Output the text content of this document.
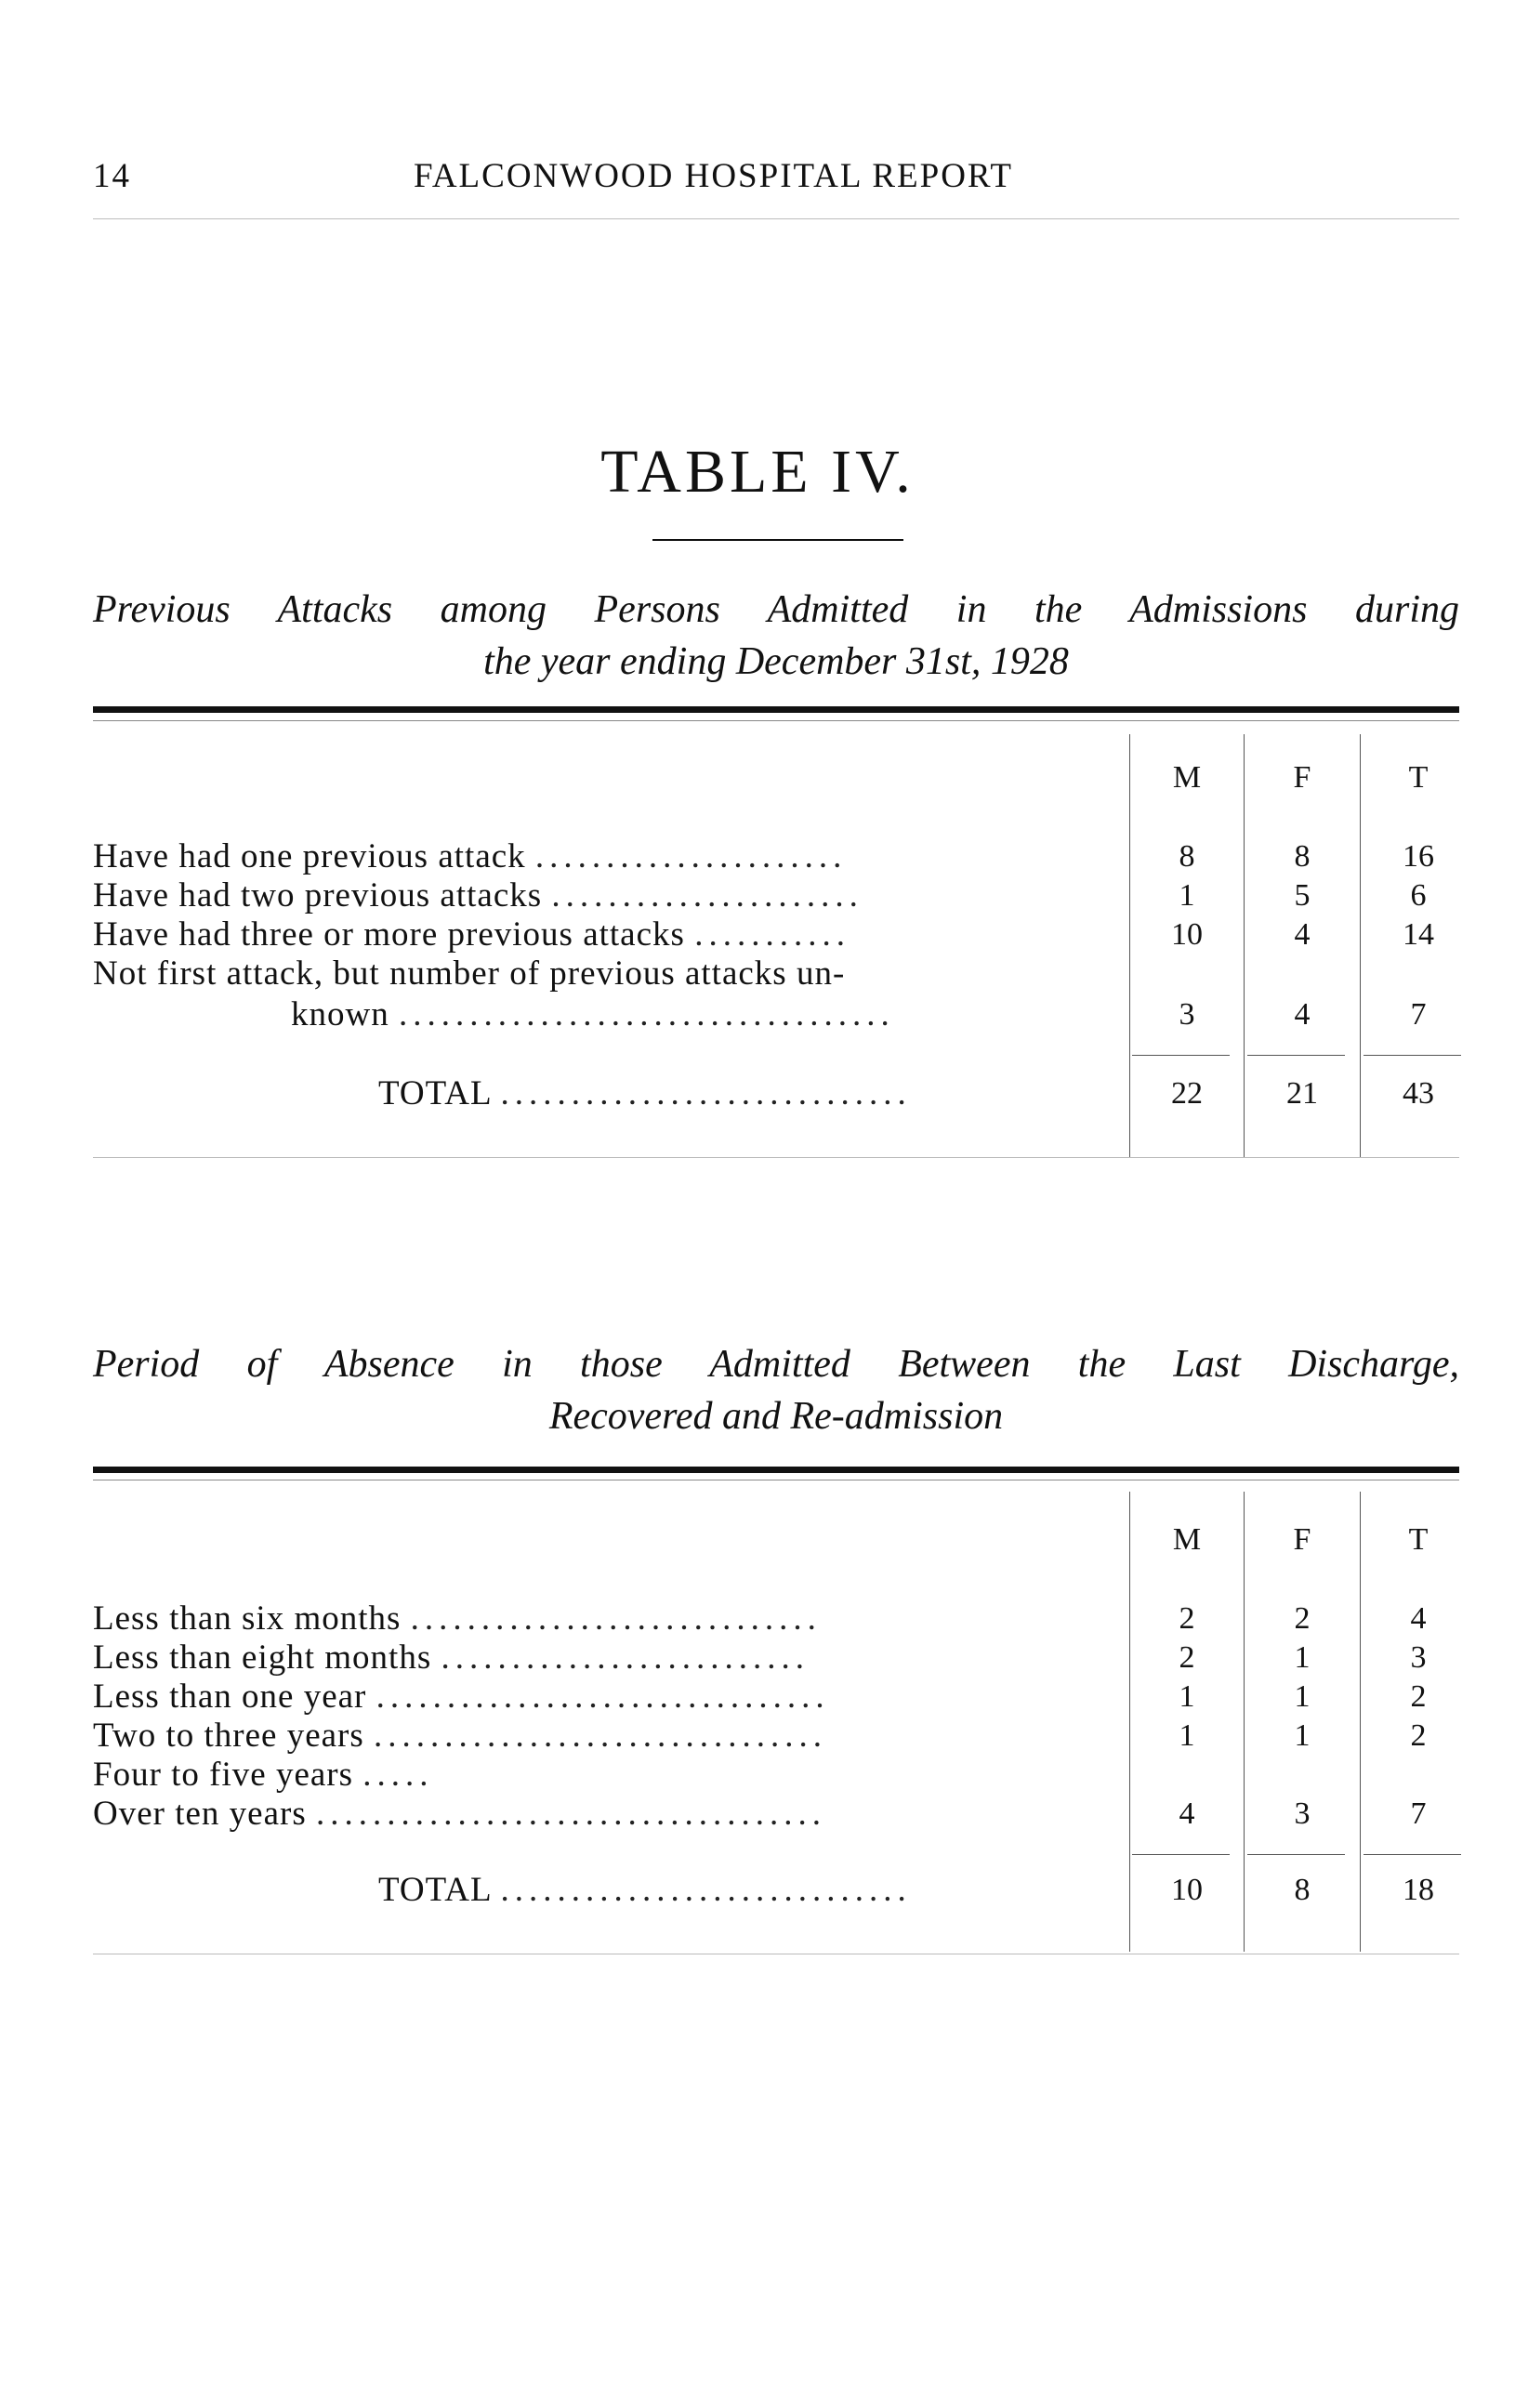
14	FALCONWOOD HOSPITAL REPORT
TABLE IV.
Previous Attacks among Persons Admitted in the Admissions during
the year ending December 31st, 1928
M	F	T
Have had one previous attack ......................	8	8	16
Have had two previous attacks ......................	1	5	6
Have had three or more previous attacks ...........	10	4	14
Not first attack, but number of previous attacks un-
known ...................................	3	4	7
TOTAL .............................	22	21	43
Period of Absence in those Admitted Between the Last Discharge,
Recovered and Re-admission
M	F	T
Less than six months .............................	2	2	4
Less than eight months ..........................	2	1	3
Less than one year ................................	1	1	2
Two to three years ................................	1	1	2
Four to five years .....
Over ten years ....................................	4	3	7
TOTAL .............................	10	8	18
